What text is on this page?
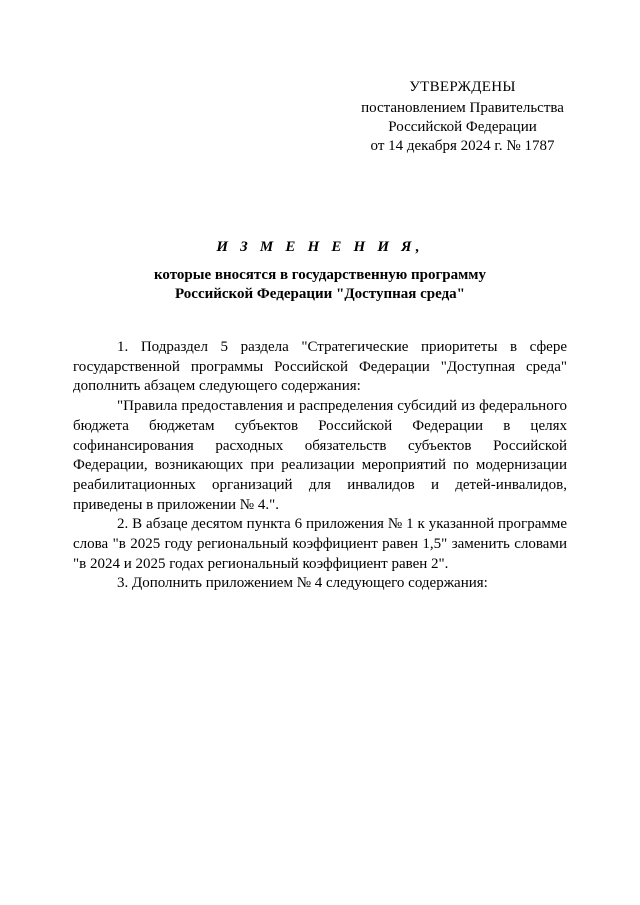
УТВЕРЖДЕНЫ
постановлением Правительства
Российской Федерации
от 14 декабря 2024 г. № 1787
И З М Е Н Е Н И Я,
которые вносятся в государственную программу
Российской Федерации "Доступная среда"

1. Подраздел 5 раздела "Стратегические приоритеты в сфере государственной программы Российской Федерации "Доступная среда" дополнить абзацем следующего содержания:

"Правила предоставления и распределения субсидий из федерального бюджета бюджетам субъектов Российской Федерации в целях софинансирования расходных обязательств субъектов Российской Федерации, возникающих при реализации мероприятий по модернизации реабилитационных организаций для инвалидов и детей-инвалидов, приведены в приложении № 4.".

2. В абзаце десятом пункта 6 приложения № 1 к указанной программе слова "в 2025 году региональный коэффициент равен 1,5" заменить словами "в 2024 и 2025 годах региональный коэффициент равен 2".

3. Дополнить приложением № 4 следующего содержания:
